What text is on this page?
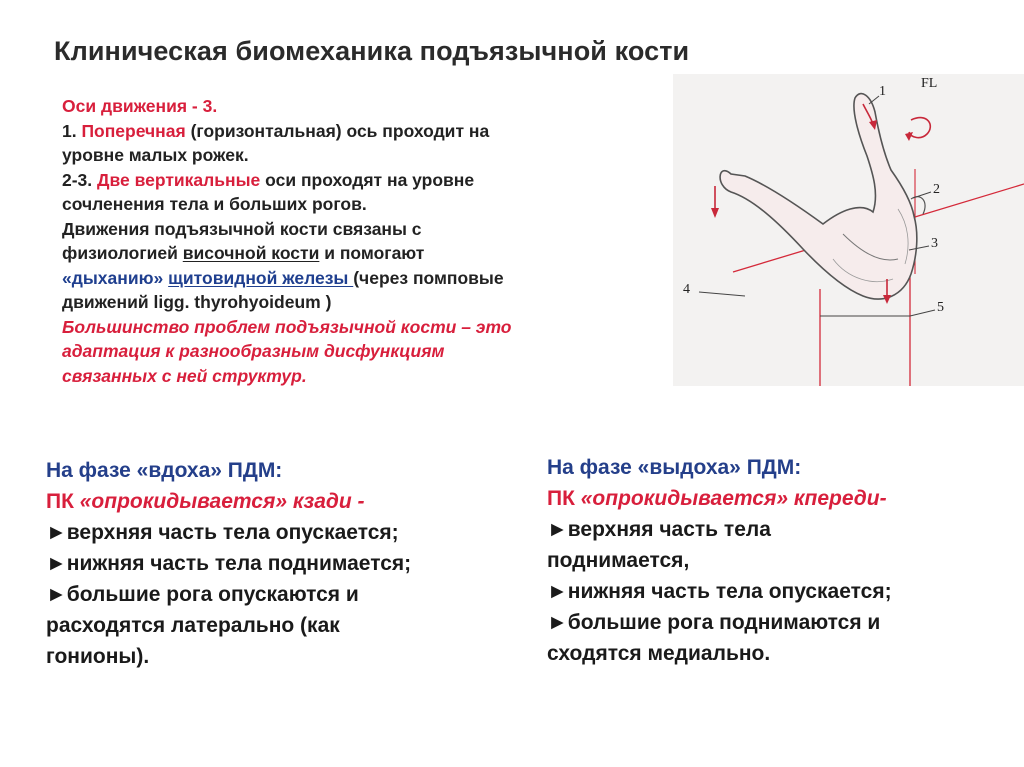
Клиническая биомеханика подъязычной кости

Оси движения - 3.

1. Поперечная (горизонтальная) ось проходит на

уровне малых рожек.

2-3. Две вертикальные оси проходят на уровне

сочленения тела и больших рогов.

Движения подъязычной кости связаны с

физиологией височной кости и помогают

«дыханию» щитовидной железы (через помповые

движений ligg. thyrohyoideum )

Большинство проблем подъязычной кости – это

адаптация к разнообразным дисфункциям

связанных с ней структур.

1
FL
2
3
4
5

На фазе «вдоха» ПДМ:

ПК «опрокидывается» кзади -

►верхняя часть тела опускается;

►нижняя часть тела поднимается;

►большие рога опускаются и

расходятся латерально (как

гонионы).

На фазе «выдоха» ПДМ:

ПК «опрокидывается» кпереди-

►верхняя часть тела

поднимается,

►нижняя часть тела опускается;

►большие рога поднимаются и

сходятся медиально.
